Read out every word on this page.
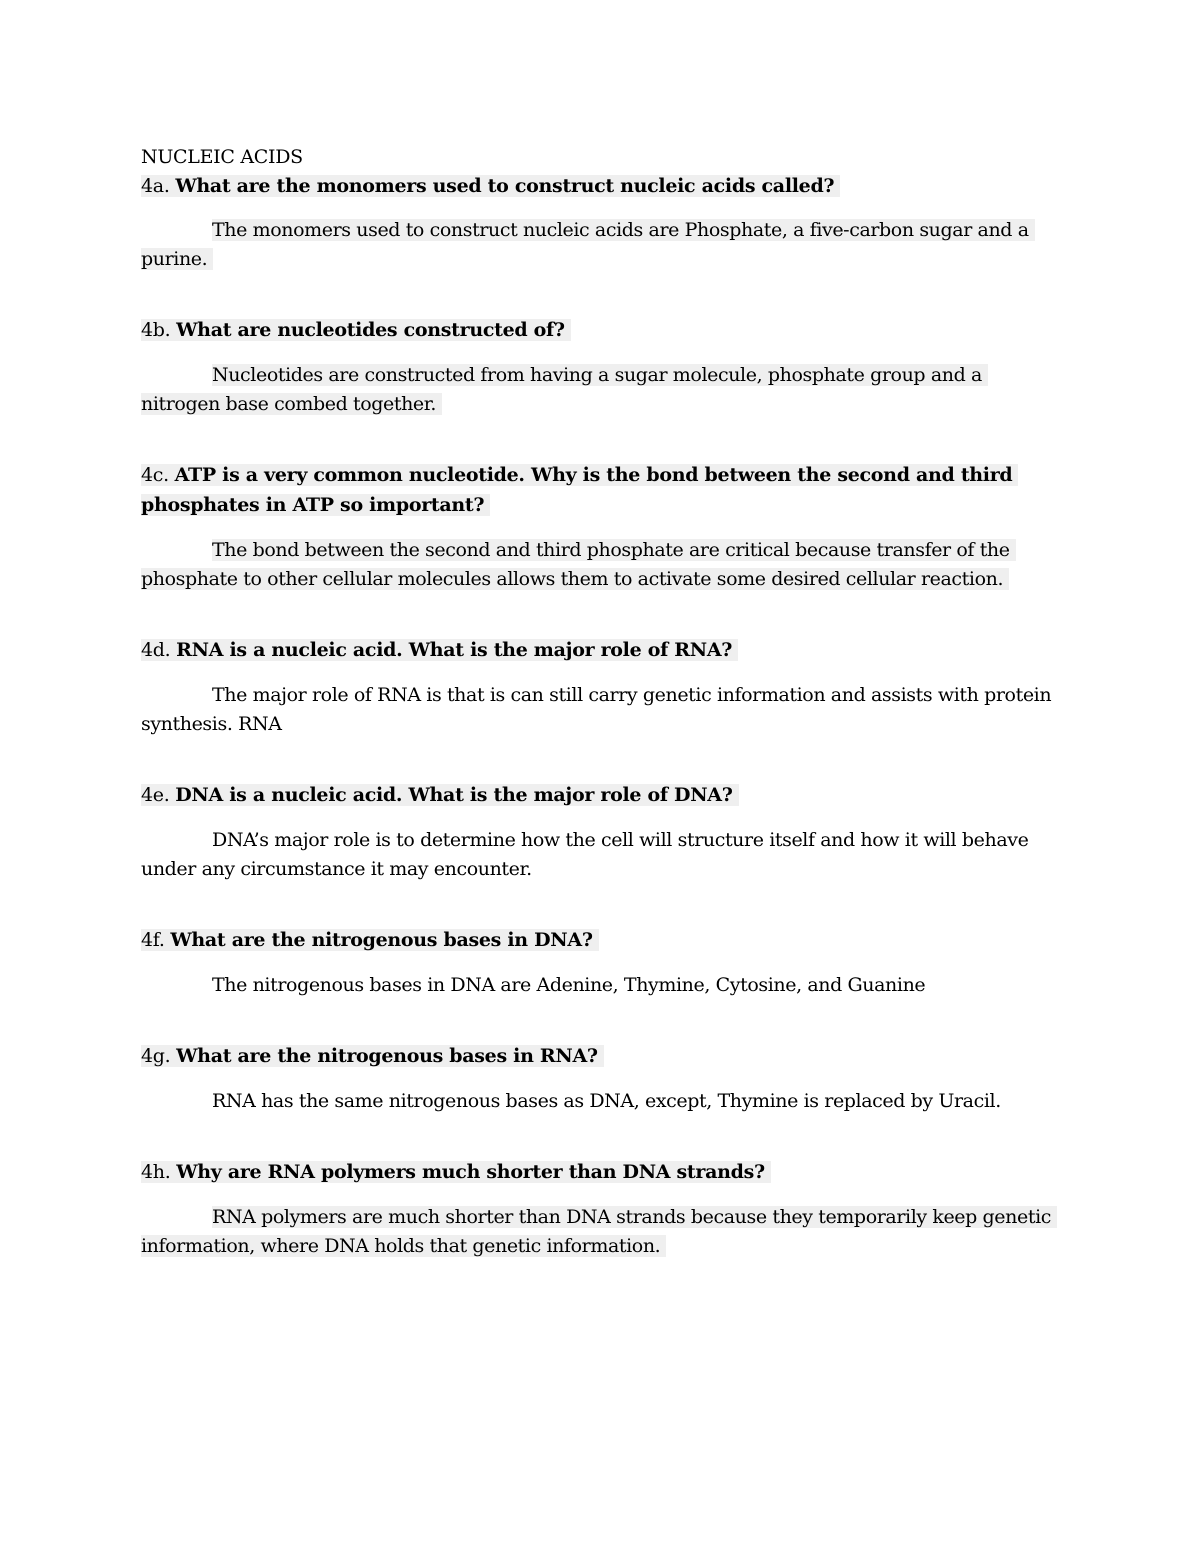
NUCLEIC ACIDS
4a. What are the monomers used to construct nucleic acids called?
The monomers used to construct nucleic acids are Phosphate, a five-carbon sugar and a purine.
4b. What are nucleotides constructed of?
Nucleotides are constructed from having a sugar molecule, phosphate group and a nitrogen base combed together.
4c. ATP is a very common nucleotide. Why is the bond between the second and third phosphates in ATP so important?
The bond between the second and third phosphate are critical because transfer of the phosphate to other cellular molecules allows them to activate some desired cellular reaction.
4d. RNA is a nucleic acid. What is the major role of RNA?
The major role of RNA is that is can still carry genetic information and assists with protein synthesis. RNA
4e. DNA is a nucleic acid. What is the major role of DNA?
DNA’s major role is to determine how the cell will structure itself and how it will behave under any circumstance it may encounter.
4f. What are the nitrogenous bases in DNA?
The nitrogenous bases in DNA are Adenine, Thymine, Cytosine, and Guanine
4g. What are the nitrogenous bases in RNA?
RNA has the same nitrogenous bases as DNA, except, Thymine is replaced by Uracil.
4h. Why are RNA polymers much shorter than DNA strands?
RNA polymers are much shorter than DNA strands because they temporarily keep genetic information, where DNA holds that genetic information.
